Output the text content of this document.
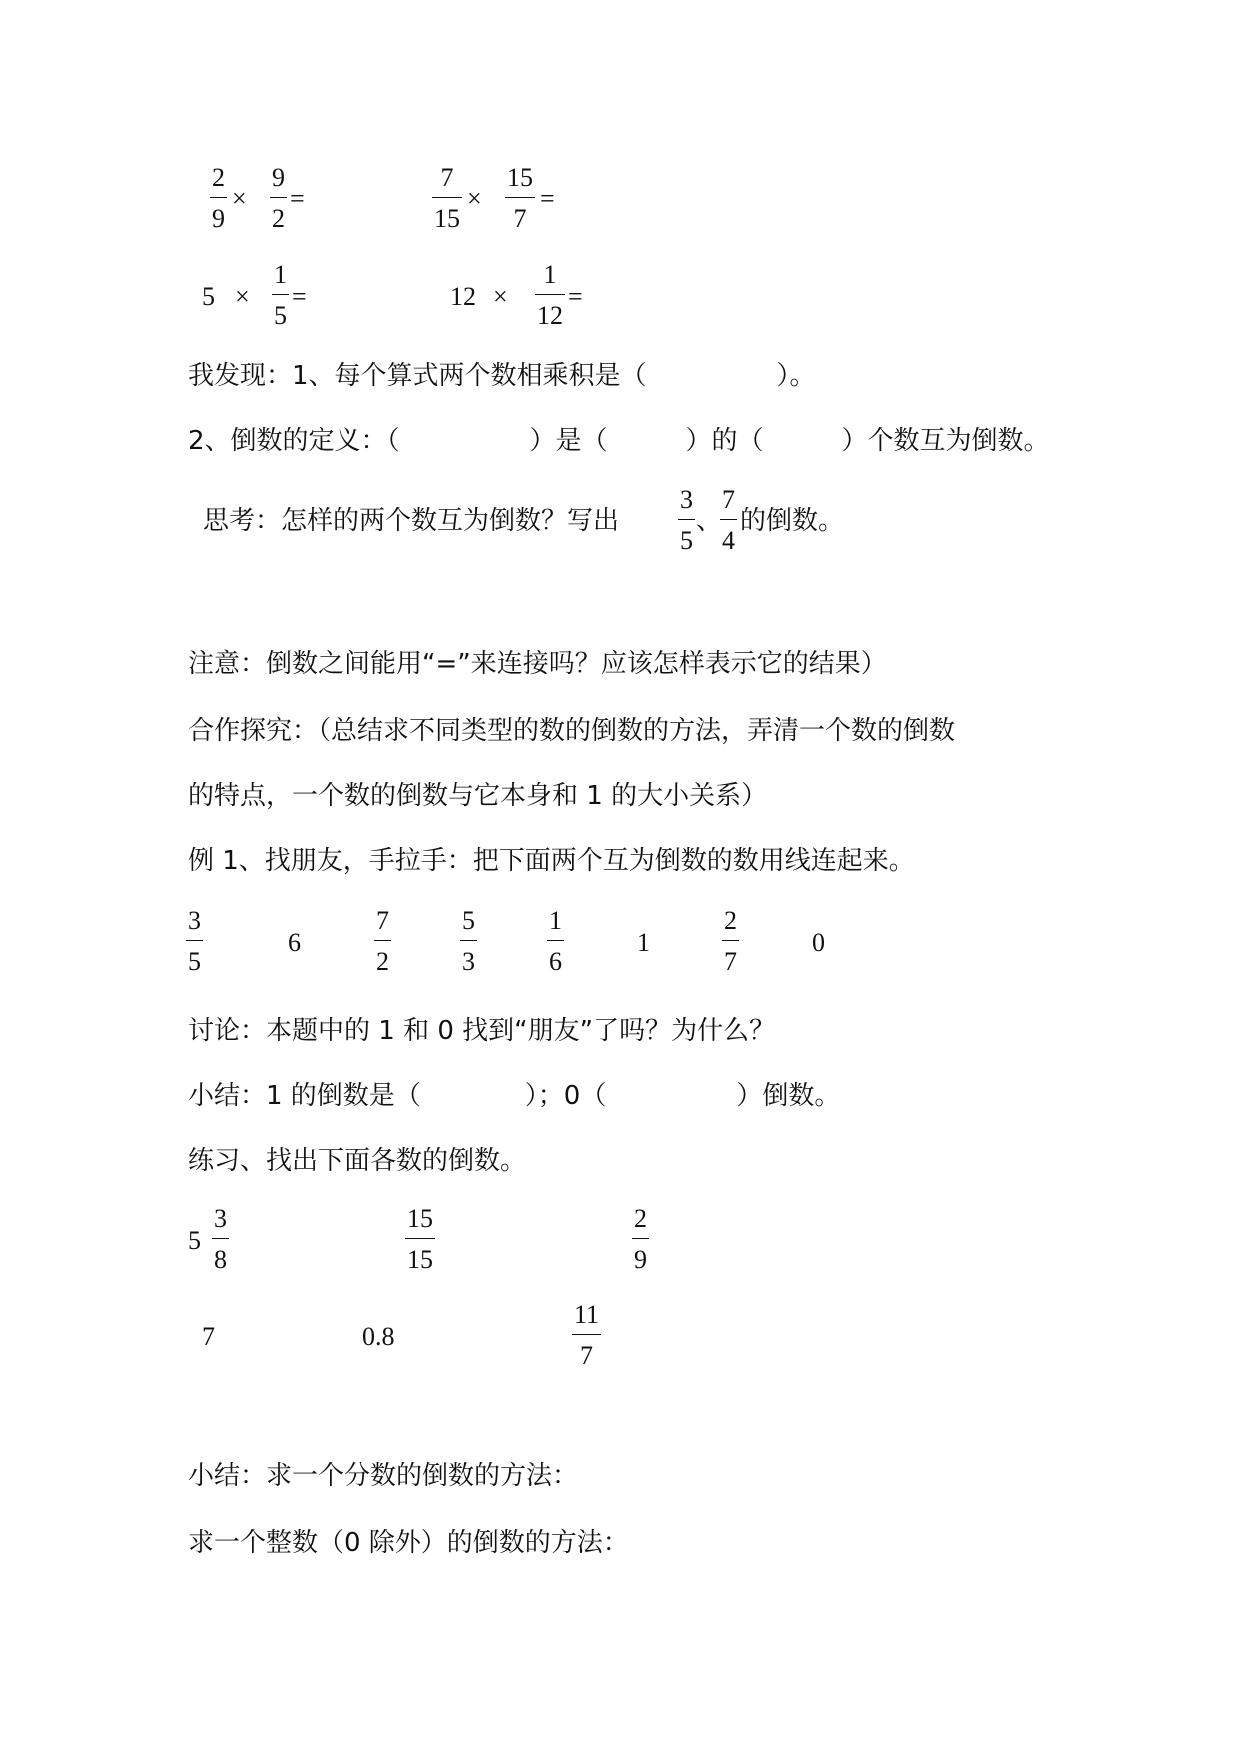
2
9
×
9
2
=
7
15
×
15
7
=
5 ×
1
5
=	12 ×
1
12
=
我发现：1、每个算式两个数相乘积是（　　　　　）。
2、倒数的定义：（　　　　　）是（　　　）的（　　　）个数互为倒数。
思考：怎样的两个数互为倒数？写出
3
5
、
7
4
的倒数。
注意：倒数之间能用“=”来连接吗？应该怎样表示它的结果）
合作探究：（总结求不同类型的数的倒数的方法，弄清一个数的倒数
的特点，一个数的倒数与它本身和 1 的大小关系）
例 1、找朋友，手拉手：把下面两个互为倒数的数用线连起来。
3
5
6
7
2
5
3
1
6
1
2
7
0
讨论：本题中的 1 和 0 找到“朋友”了吗？为什么？
小结：1 的倒数是（　　　　）；0（　　　　　）倒数。
练习、找出下面各数的倒数。
5
3
8
15
15
2
9
7	0.8
11
7
小结：求一个分数的倒数的方法：
求一个整数（0 除外）的倒数的方法：
